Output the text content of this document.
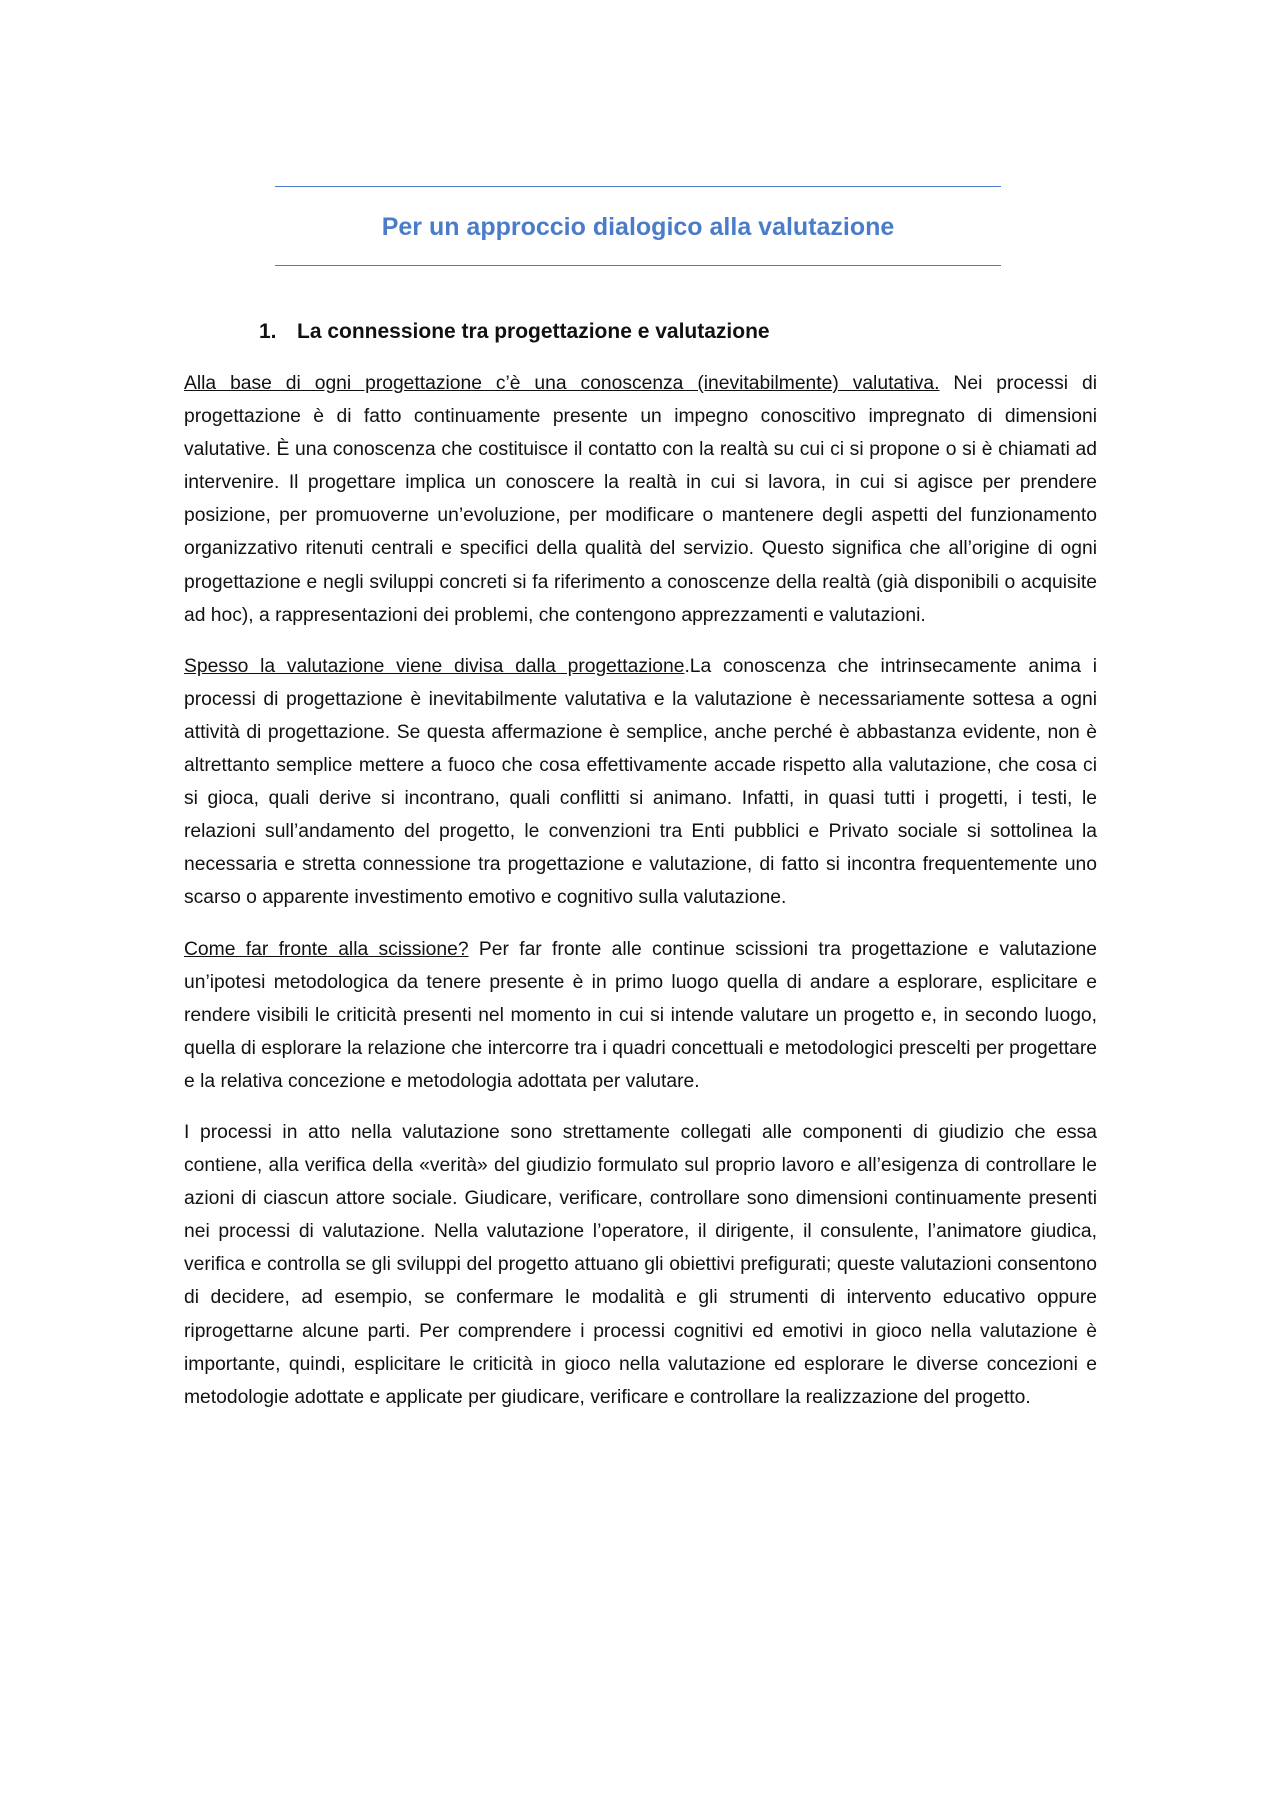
Per un approccio dialogico alla valutazione
1. La connessione tra progettazione e valutazione

Alla base di ogni progettazione c’è una conoscenza (inevitabilmente) valutativa. Nei processi di progettazione è di fatto continuamente presente un impegno conoscitivo impregnato di dimensioni valutative. È una conoscenza che costituisce il contatto con la realtà su cui ci si propone o si è chiamati ad intervenire. Il progettare implica un conoscere la realtà in cui si lavora, in cui si agisce per prendere posizione, per promuoverne un’evoluzione, per modificare o mantenere degli aspetti del funzionamento organizzativo ritenuti centrali e specifici della qualità del servizio. Questo significa che all’origine di ogni progettazione e negli sviluppi concreti si fa riferimento a conoscenze della realtà (già disponibili o acquisite ad hoc), a rappresentazioni dei problemi, che contengono apprezzamenti e valutazioni.

Spesso la valutazione viene divisa dalla progettazione.La conoscenza che intrinsecamente anima i processi di progettazione è inevitabilmente valutativa e la valutazione è necessariamente sottesa a ogni attività di progettazione. Se questa affermazione è semplice, anche perché è abbastanza evidente, non è altrettanto semplice mettere a fuoco che cosa effettivamente accade rispetto alla valutazione, che cosa ci si gioca, quali derive si incontrano, quali conflitti si animano. Infatti, in quasi tutti i progetti, i testi, le relazioni sull’andamento del progetto, le convenzioni tra Enti pubblici e Privato sociale si sottolinea la necessaria e stretta connessione tra progettazione e valutazione, di fatto si incontra frequentemente uno scarso o apparente investimento emotivo e cognitivo sulla valutazione.

Come far fronte alla scissione? Per far fronte alle continue scissioni tra progettazione e valutazione un’ipotesi metodologica da tenere presente è in primo luogo quella di andare a esplorare, esplicitare e rendere visibili le criticità presenti nel momento in cui si intende valutare un progetto e, in secondo luogo, quella di esplorare la relazione che intercorre tra i quadri concettuali e metodologici prescelti per progettare e la relativa concezione e metodologia adottata per valutare.

I processi in atto nella valutazione sono strettamente collegati alle componenti di giudizio che essa contiene, alla verifica della «verità» del giudizio formulato sul proprio lavoro e all’esigenza di controllare le azioni di ciascun attore sociale. Giudicare, verificare, controllare sono dimensioni continuamente presenti nei processi di valutazione. Nella valutazione l’operatore, il dirigente, il consulente, l’animatore giudica, verifica e controlla se gli sviluppi del progetto attuano gli obiettivi prefigurati; queste valutazioni consentono di decidere, ad esempio, se confermare le modalità e gli strumenti di intervento educativo oppure riprogettarne alcune parti. Per comprendere i processi cognitivi ed emotivi in gioco nella valutazione è importante, quindi, esplicitare le criticità in gioco nella valutazione ed esplorare le diverse concezioni e metodologie adottate e applicate per giudicare, verificare e controllare la realizzazione del progetto.
